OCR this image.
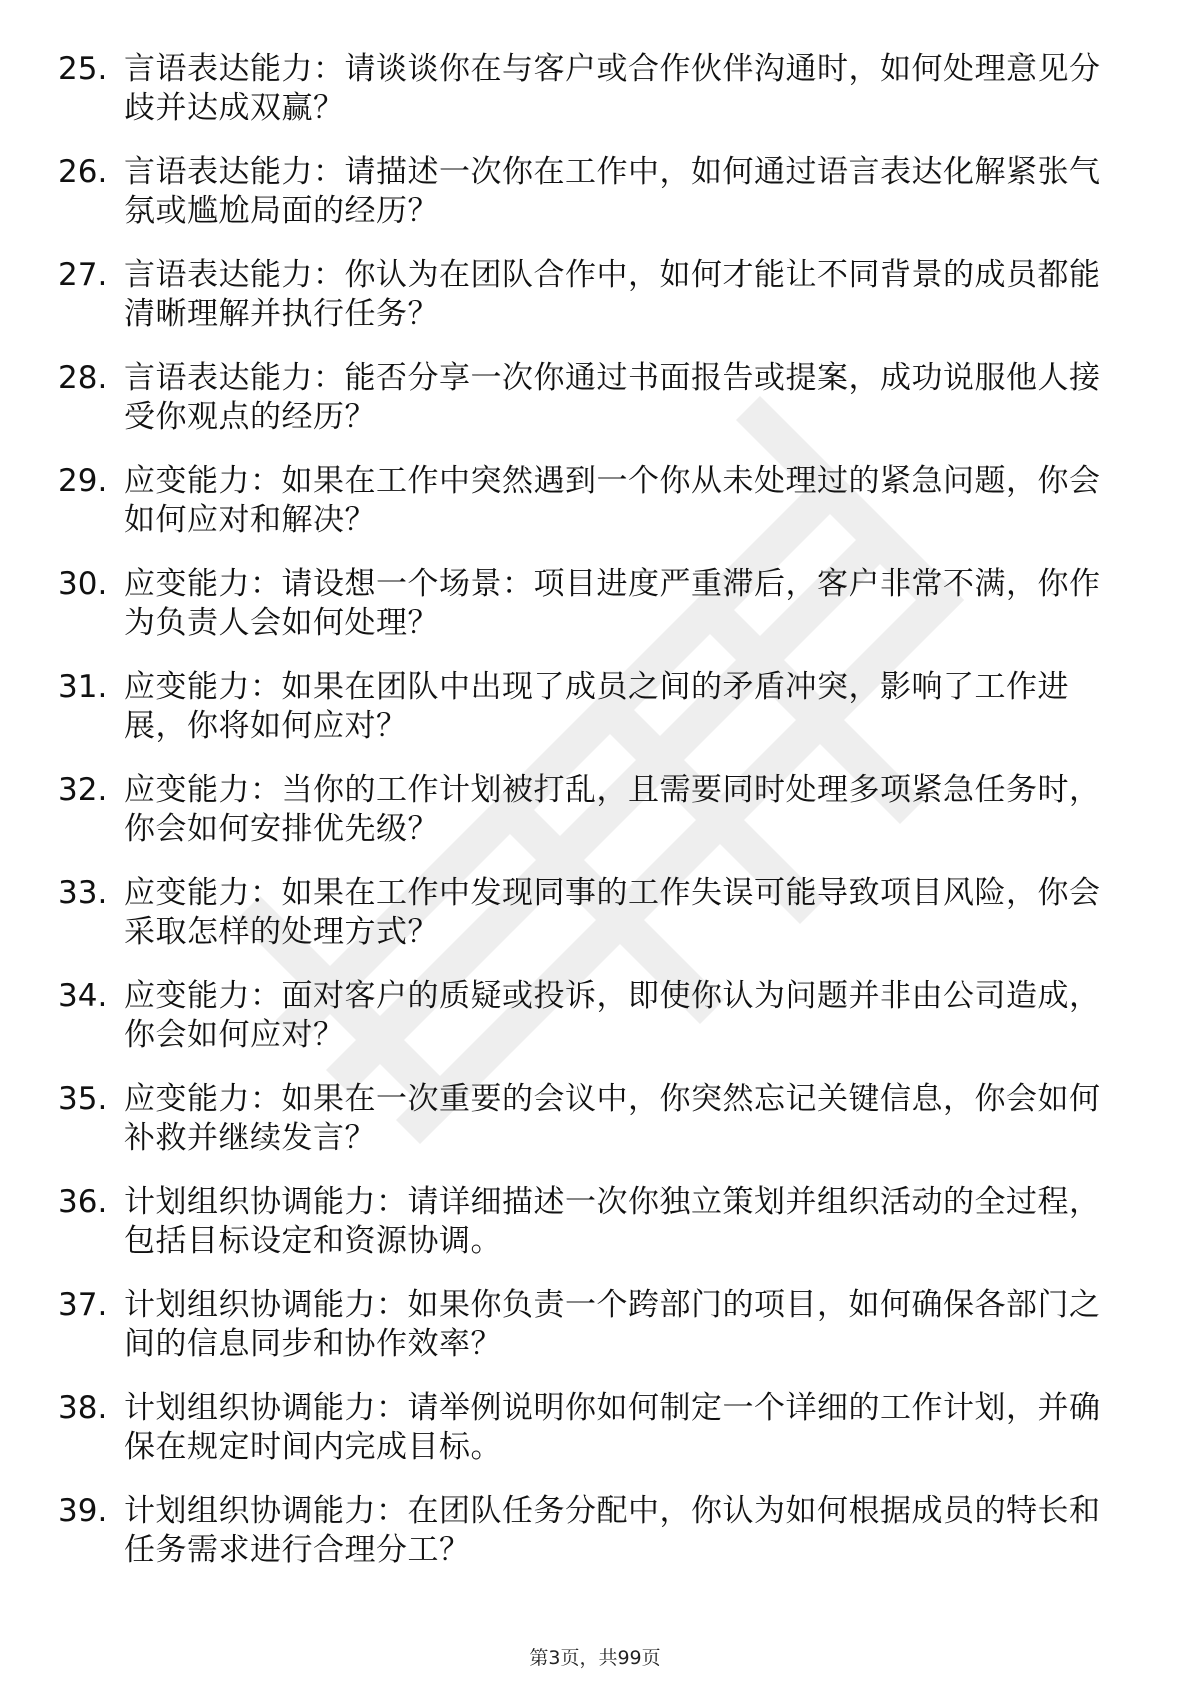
25. 言语表达能力：请谈谈你在与客户或合作伙伴沟通时，如何处理意见分歧并达成双赢？
26. 言语表达能力：请描述一次你在工作中，如何通过语言表达化解紧张气氛或尴尬局面的经历？
27. 言语表达能力：你认为在团队合作中，如何才能让不同背景的成员都能清晰理解并执行任务？
28. 言语表达能力：能否分享一次你通过书面报告或提案，成功说服他人接受你观点的经历？
29. 应变能力：如果在工作中突然遇到一个你从未处理过的紧急问题，你会如何应对和解决？
30. 应变能力：请设想一个场景：项目进度严重滞后，客户非常不满，你作为负责人会如何处理？
31. 应变能力：如果在团队中出现了成员之间的矛盾冲突，影响了工作进展，你将如何应对？
32. 应变能力：当你的工作计划被打乱，且需要同时处理多项紧急任务时，你会如何安排优先级？
33. 应变能力：如果在工作中发现同事的工作失误可能导致项目风险，你会采取怎样的处理方式？
34. 应变能力：面对客户的质疑或投诉，即使你认为问题并非由公司造成，你会如何应对？
35. 应变能力：如果在一次重要的会议中，你突然忘记关键信息，你会如何补救并继续发言？
36. 计划组织协调能力：请详细描述一次你独立策划并组织活动的全过程，包括目标设定和资源协调。
37. 计划组织协调能力：如果你负责一个跨部门的项目，如何确保各部门之间的信息同步和协作效率？
38. 计划组织协调能力：请举例说明你如何制定一个详细的工作计划，并确保在规定时间内完成目标。
39. 计划组织协调能力：在团队任务分配中，你认为如何根据成员的特长和任务需求进行合理分工？
第3页，共99页
